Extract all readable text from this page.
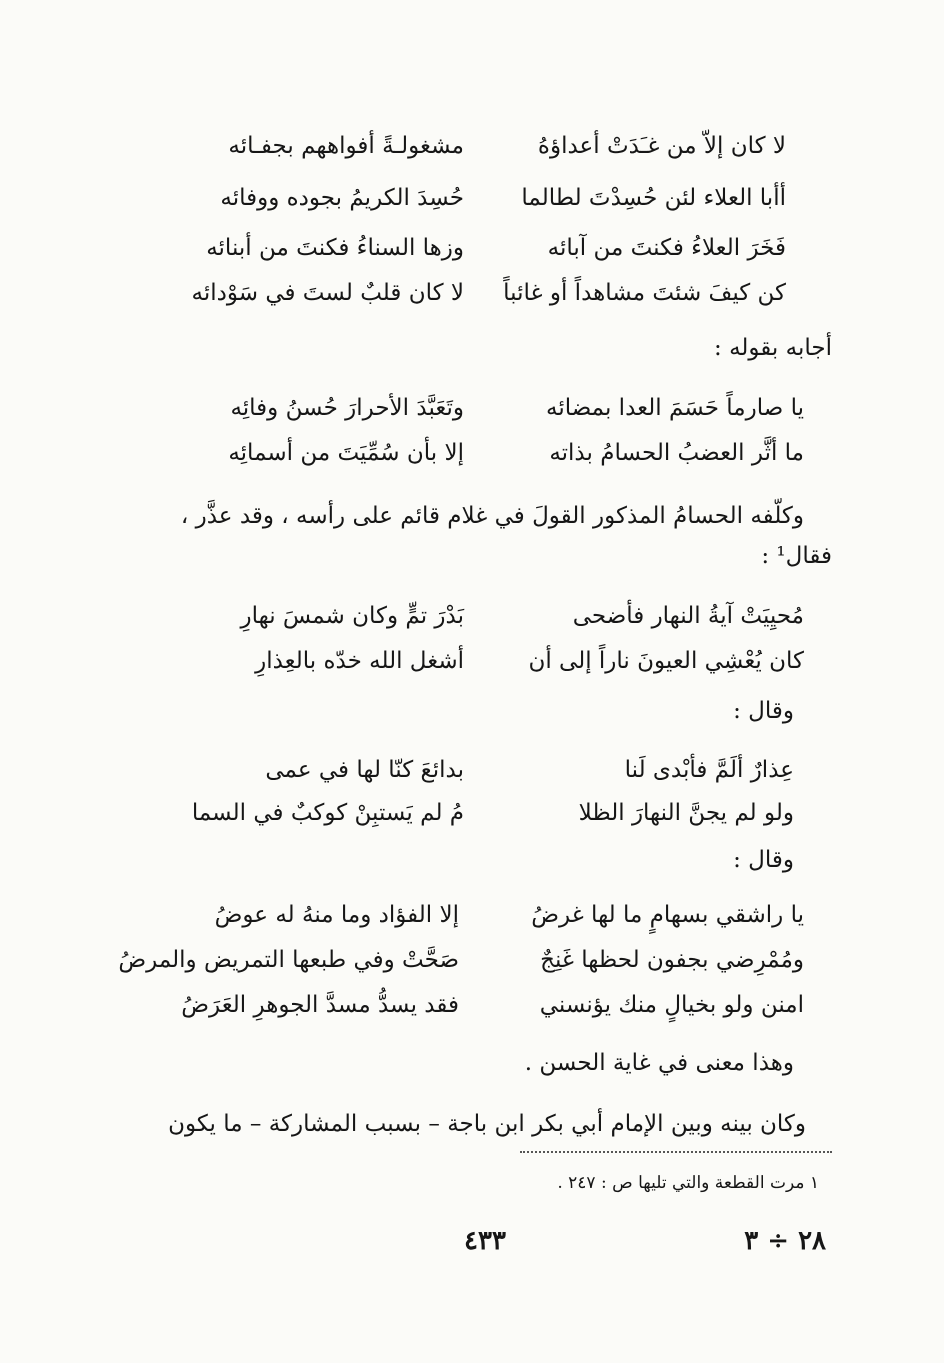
لا كان إلاّ من غـَدَتْ أعداؤهُ
مشغولـةً أفواههم بجفـائه
أأبا العلاء لئن حُسِدْتَ لطالما
حُسِدَ الكريمُ بجوده ووفائه
فَخَرَ العلاءُ فكنتَ من آبائه
وزها السناءُ فكنتَ من أبنائه
كن كيفَ شئتَ مشاهداً أو غائباً
لا كان قلبٌ لستَ في سَوْدائه
أجابه بقوله :
يا صارماً حَسَمَ العدا بمضائه
وتَعَبَّدَ الأحرارَ حُسنُ وفائِه
ما أثَّر العضبُ الحسامُ بذاته
إلا بأن سُمِّيَتَ من أسمائِه
وكلّفه الحسامُ المذكور القولَ في غلام قائم على رأسه ، وقد عذَّر ،
فقال¹ :
مُحيِيَتْ آيةُ النهار فأضحى
بَدْرَ تمٍّ وكان شمسَ نهارِ
كان يُعْشِي العيونَ ناراً إلى أن
أشغل الله خدّه بالعِذارِ
وقال :
عِذارٌ ألَمَّ فأبْدى لَنا
بدائعَ كنّا لها في عمى
ولو لم يجنَّ النهارَ الظلا
مُ لم يَستبِنْ كوكبٌ في السما
وقال :
يا راشقي بسهامٍ ما لها غرضُ
إلا الفؤاد وما منهُ له عوضُ
ومُمْرِضي بجفون لحظها غَنِجٌ
صَحَّتْ وفي طبعها التمريض والمرضُ
امنن ولو بخيالٍ منك يؤنسني
فقد يسدُّ مسدَّ الجوهرِ العَرَضُ
وهذا معنى في غاية الحسن .
وكان بينه وبين الإمام أبي بكر ابن باجة – بسبب المشاركة – ما يكون
١ مرت القطعة والتي تليها ص : ٢٤٧ .
٤٣٣	٢٨ ÷ ٣
